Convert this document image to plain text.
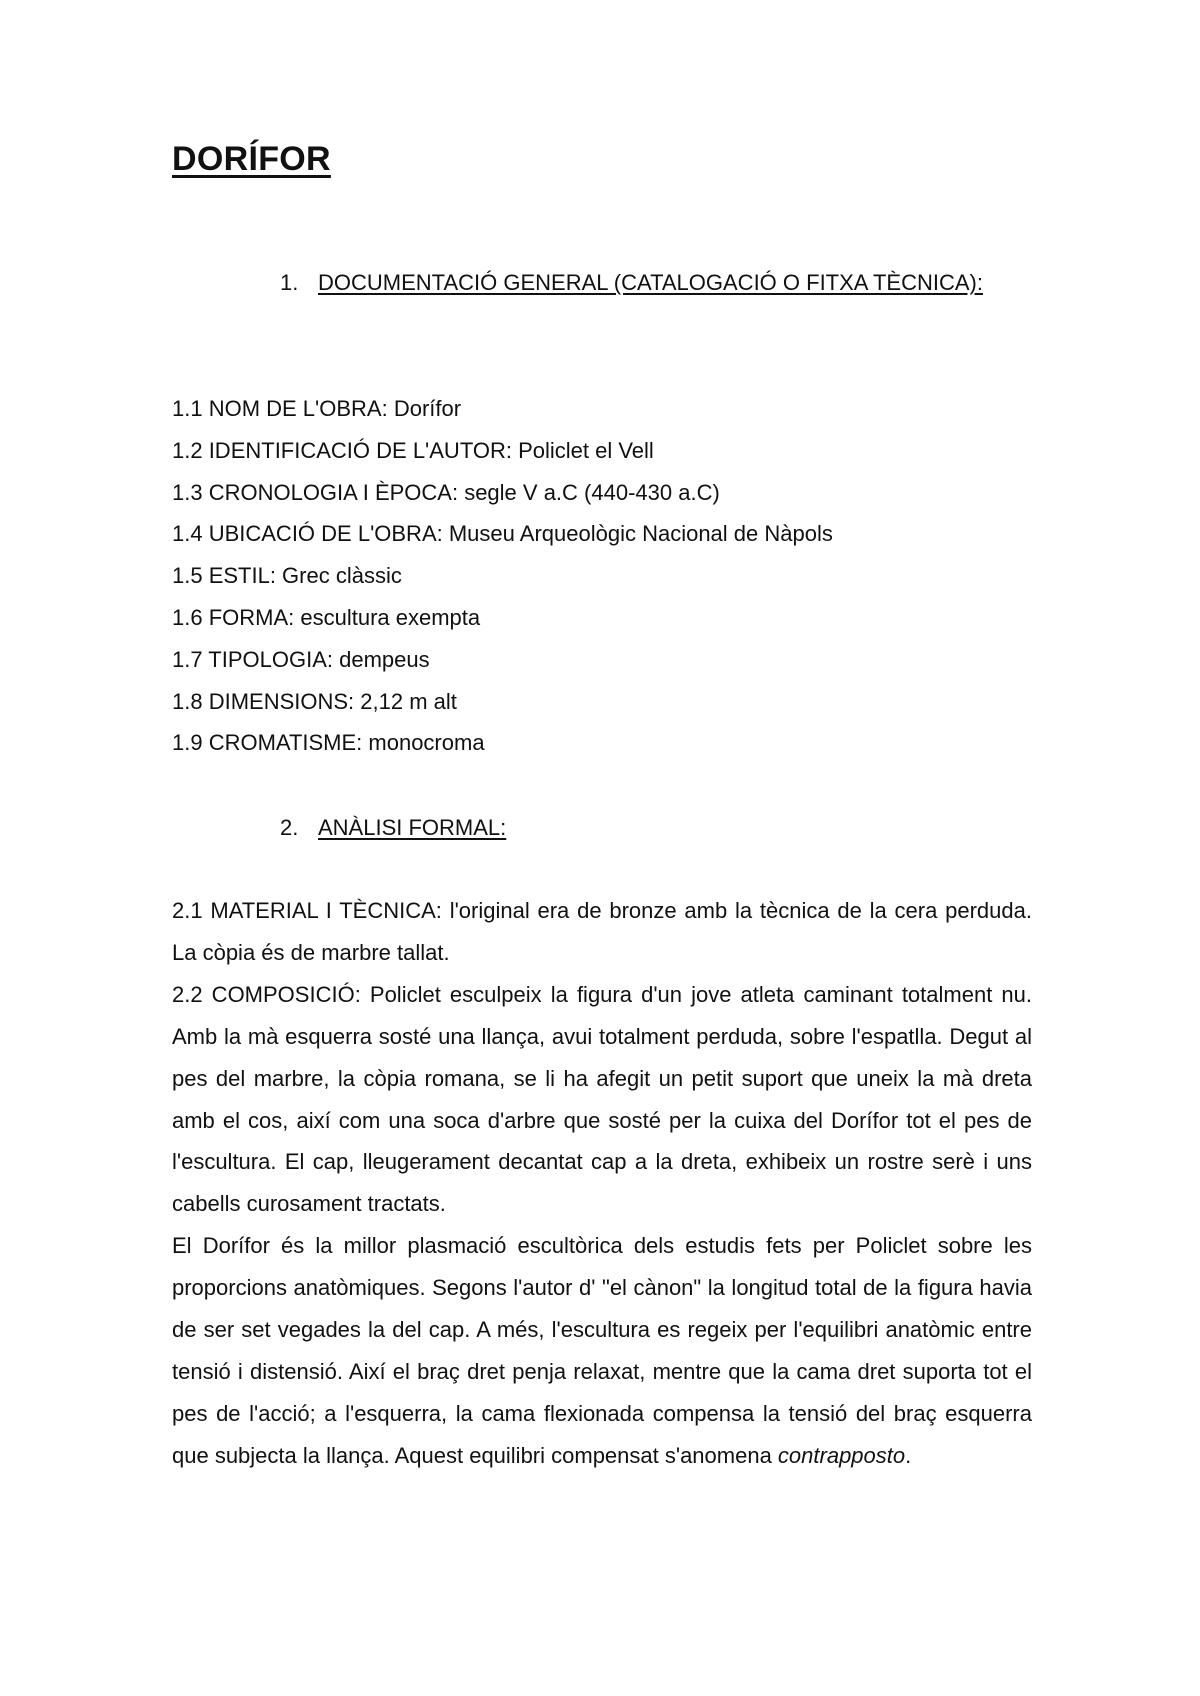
DORÍFOR
1. DOCUMENTACIÓ GENERAL (CATALOGACIÓ O FITXA TÈCNICA):
1.1 NOM DE L'OBRA: Dorífor
1.2 IDENTIFICACIÓ DE L'AUTOR: Policlet el Vell
1.3 CRONOLOGIA I ÈPOCA: segle V a.C (440-430 a.C)
1.4 UBICACIÓ DE L'OBRA: Museu Arqueològic Nacional de Nàpols
1.5 ESTIL: Grec clàssic
1.6 FORMA: escultura exempta
1.7 TIPOLOGIA: dempeus
1.8 DIMENSIONS: 2,12 m alt
1.9 CROMATISME: monocroma
2. ANÀLISI FORMAL:

2.1 MATERIAL I TÈCNICA: l'original era de bronze amb la tècnica de la cera perduda. La còpia és de marbre tallat.

2.2 COMPOSICIÓ: Policlet esculpeix la figura d'un jove atleta caminant totalment nu. Amb la mà esquerra sosté una llança, avui totalment perduda, sobre l'espatlla. Degut al pes del marbre, la còpia romana, se li ha afegit un petit suport que uneix la mà dreta amb el cos, així com una soca d'arbre que sosté per la cuixa del Dorífor tot el pes de l'escultura. El cap, lleugerament decantat cap a la dreta, exhibeix un rostre serè i uns cabells curosament tractats.

El Dorífor és la millor plasmació escultòrica dels estudis fets per Policlet sobre les proporcions anatòmiques. Segons l'autor d' "el cànon" la longitud total de la figura havia de ser set vegades la del cap. A més, l'escultura es regeix per l'equilibri anatòmic entre tensió i distensió. Així el braç dret penja relaxat, mentre que la cama dret suporta tot el pes de l'acció; a l'esquerra, la cama flexionada compensa la tensió del braç esquerra que subjecta la llança. Aquest equilibri compensat s'anomena contrapposto.
